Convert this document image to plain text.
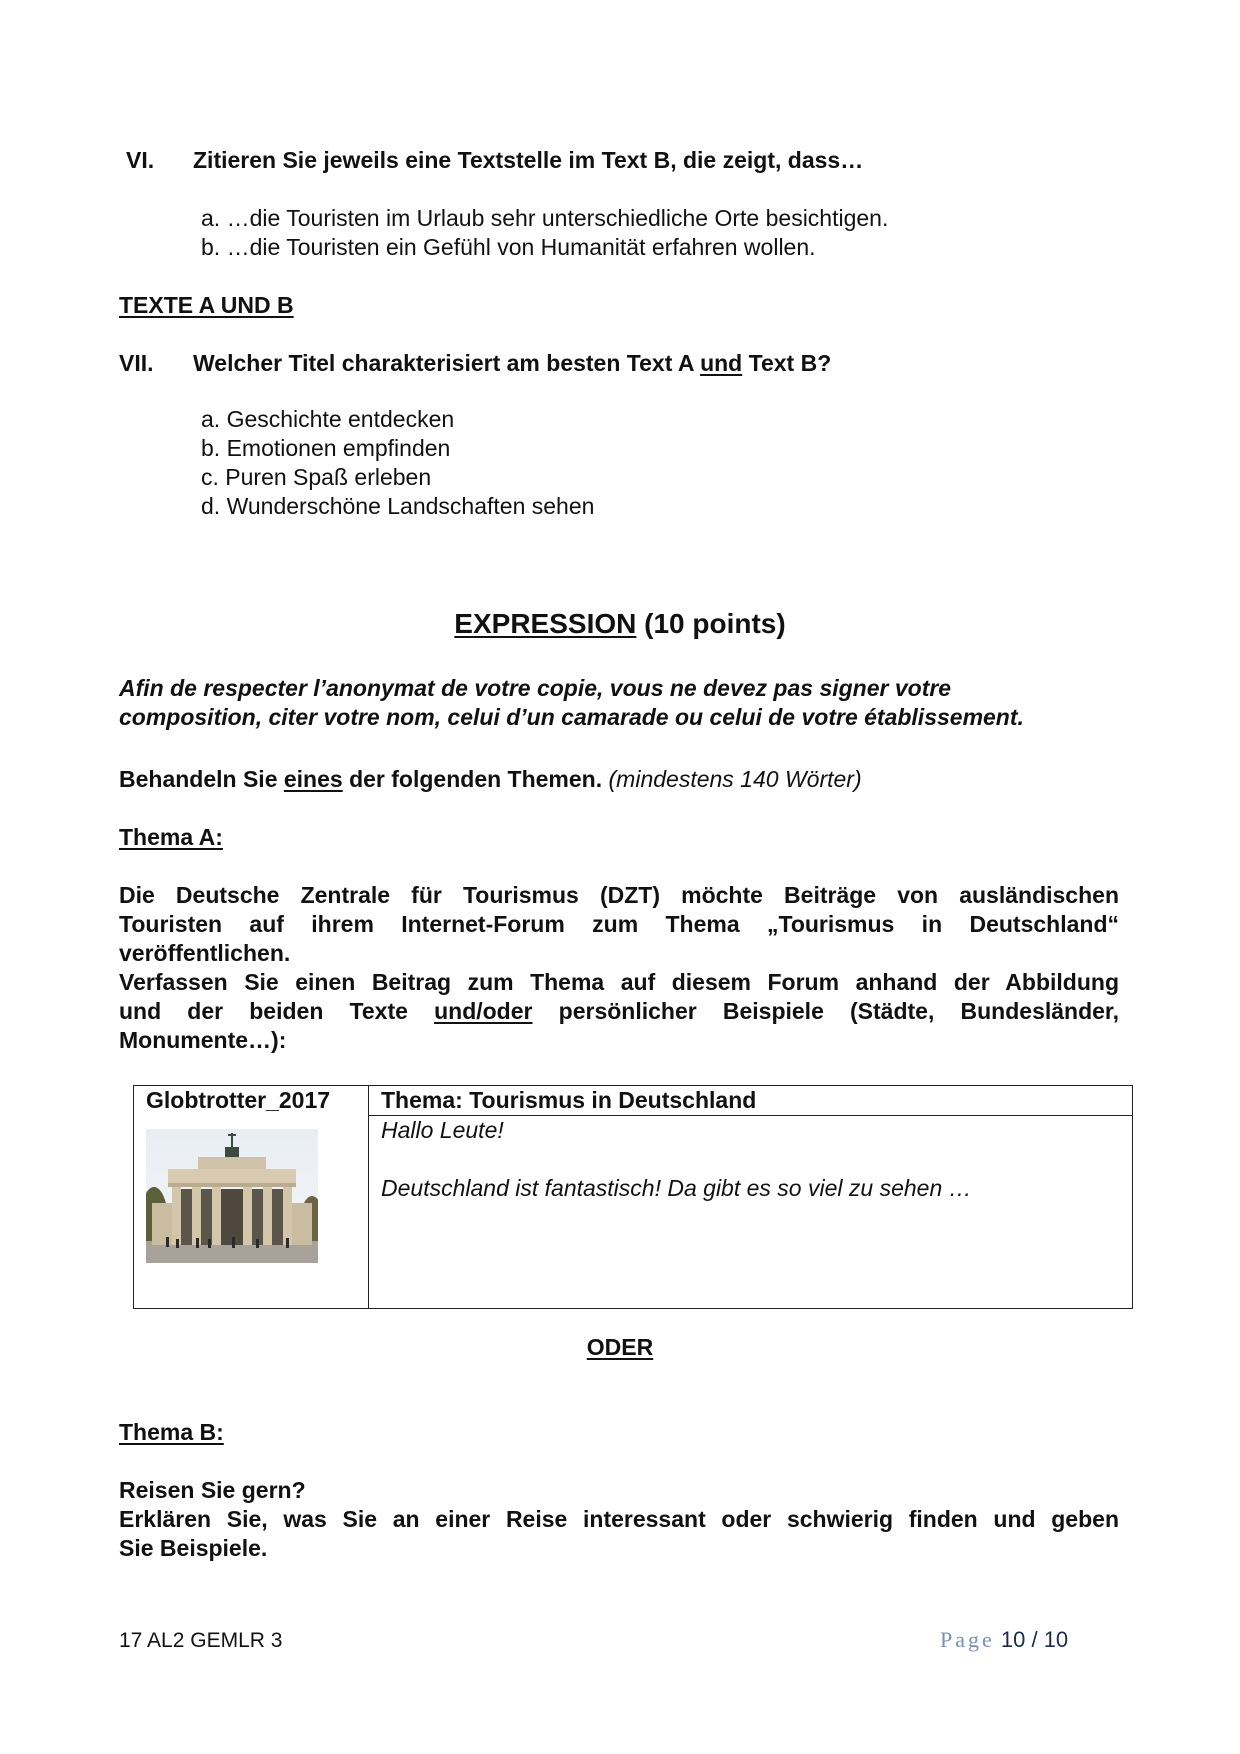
VI. Zitieren Sie jeweils eine Textstelle im Text B, die zeigt, dass…
a. …die Touristen im Urlaub sehr unterschiedliche Orte besichtigen.
b. …die Touristen ein Gefühl von Humanität erfahren wollen.
TEXTE A UND B
VII. Welcher Titel charakterisiert am besten Text A und Text B?
a. Geschichte entdecken
b. Emotionen empfinden
c. Puren Spaß erleben
d. Wunderschöne Landschaften sehen
EXPRESSION (10 points)
Afin de respecter l’anonymat de votre copie, vous ne devez pas signer votre
composition, citer votre nom, celui d’un camarade ou celui de votre établissement.
Behandeln Sie eines der folgenden Themen. (mindestens 140 Wörter)
Thema A:
Die Deutsche Zentrale für Tourismus (DZT) möchte Beiträge von ausländischen
Touristen auf ihrem Internet-Forum zum Thema „Tourismus in Deutschland“
veröffentlichen.
Verfassen Sie einen Beitrag zum Thema auf diesem Forum anhand der Abbildung
und der beiden Texte und/oder persönlicher Beispiele (Städte, Bundesländer,
Monumente…):
Globtrotter_2017	Thema: Tourismus in Deutschland

Hallo Leute!
Deutschland ist fantastisch! Da gibt es so viel zu sehen …
ODER
Thema B:
Reisen Sie gern?
Erklären Sie, was Sie an einer Reise interessant oder schwierig finden und geben
Sie Beispiele.
17 AL2 GEMLR 3	Page 10 / 10
